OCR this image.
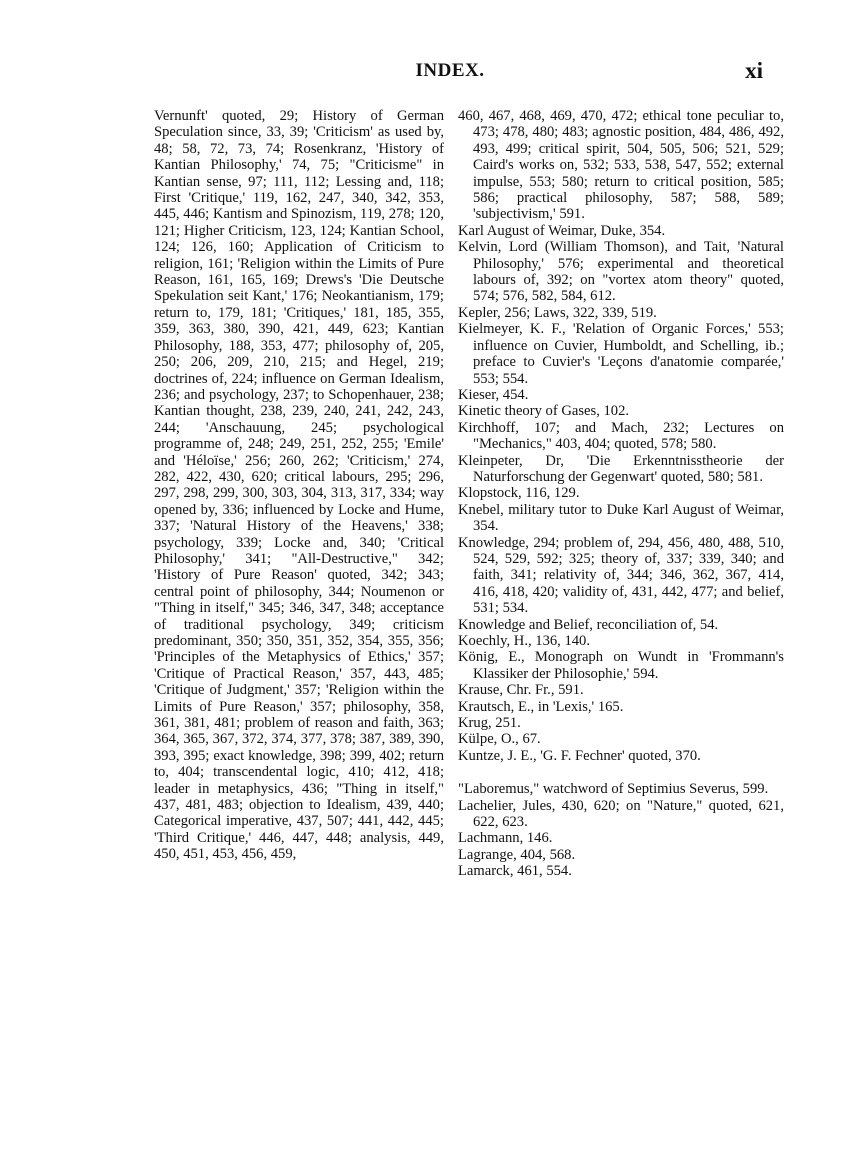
INDEX.	xi

Vernunft' quoted, 29; History of German Speculation since, 33, 39; 'Criticism' as used by, 48; 58, 72, 73, 74; Rosenkranz, 'History of Kantian Philosophy,' 74, 75; "Criticisme" in Kantian sense, 97; 111, 112; Lessing and, 118; First 'Critique,' 119, 162, 247, 340, 342, 353, 445, 446; Kantism and Spinozism, 119, 278; 120, 121; Higher Criticism, 123, 124; Kantian School, 124; 126, 160; Application of Criticism to religion, 161; 'Religion within the Limits of Pure Reason, 161, 165, 169; Drews's 'Die Deutsche Spekulation seit Kant,' 176; Neokantianism, 179; return to, 179, 181; 'Critiques,' 181, 185, 355, 359, 363, 380, 390, 421, 449, 623; Kantian Philosophy, 188, 353, 477; philosophy of, 205, 250; 206, 209, 210, 215; and Hegel, 219; doctrines of, 224; influence on German Idealism, 236; and psychology, 237; to Schopenhauer, 238; Kantian thought, 238, 239, 240, 241, 242, 243, 244; 'Anschauung, 245; psychological programme of, 248; 249, 251, 252, 255; 'Emile' and 'Héloïse,' 256; 260, 262; 'Criticism,' 274, 282, 422, 430, 620; critical labours, 295; 296, 297, 298, 299, 300, 303, 304, 313, 317, 334; way opened by, 336; influenced by Locke and Hume, 337; 'Natural History of the Heavens,' 338; psychology, 339; Locke and, 340; 'Critical Philosophy,' 341; "All-Destructive," 342; 'History of Pure Reason' quoted, 342; 343; central point of philosophy, 344; Noumenon or "Thing in itself," 345; 346, 347, 348; acceptance of traditional psychology, 349; criticism predominant, 350; 350, 351, 352, 354, 355, 356; 'Principles of the Metaphysics of Ethics,' 357; 'Critique of Practical Reason,' 357, 443, 485; 'Critique of Judgment,' 357; 'Religion within the Limits of Pure Reason,' 357; philosophy, 358, 361, 381, 481; problem of reason and faith, 363; 364, 365, 367, 372, 374, 377, 378; 387, 389, 390, 393, 395; exact knowledge, 398; 399, 402; return to, 404; transcendental logic, 410; 412, 418; leader in metaphysics, 436; "Thing in itself," 437, 481, 483; objection to Idealism, 439, 440; Categorical imperative, 437, 507; 441, 442, 445; 'Third Critique,' 446, 447, 448; analysis, 449, 450, 451, 453, 456, 459,

460, 467, 468, 469, 470, 472; ethical tone peculiar to, 473; 478, 480; 483; agnostic position, 484, 486, 492, 493, 499; critical spirit, 504, 505, 506; 521, 529; Caird's works on, 532; 533, 538, 547, 552; external impulse, 553; 580; return to critical position, 585; 586; practical philosophy, 587; 588, 589; 'subjectivism,' 591.

Karl August of Weimar, Duke, 354.

Kelvin, Lord (William Thomson), and Tait, 'Natural Philosophy,' 576; experimental and theoretical labours of, 392; on "vortex atom theory" quoted, 574; 576, 582, 584, 612.

Kepler, 256; Laws, 322, 339, 519.

Kielmeyer, K. F., 'Relation of Organic Forces,' 553; influence on Cuvier, Humboldt, and Schelling, ib.; preface to Cuvier's 'Leçons d'anatomie comparée,' 553; 554.

Kieser, 454.

Kinetic theory of Gases, 102.

Kirchhoff, 107; and Mach, 232; Lectures on "Mechanics," 403, 404; quoted, 578; 580.

Kleinpeter, Dr, 'Die Erkenntnisstheorie der Naturforschung der Gegenwart' quoted, 580; 581.

Klopstock, 116, 129.

Knebel, military tutor to Duke Karl August of Weimar, 354.

Knowledge, 294; problem of, 294, 456, 480, 488, 510, 524, 529, 592; 325; theory of, 337; 339, 340; and faith, 341; relativity of, 344; 346, 362, 367, 414, 416, 418, 420; validity of, 431, 442, 477; and belief, 531; 534.

Knowledge and Belief, reconciliation of, 54.

Koechly, H., 136, 140.

König, E., Monograph on Wundt in 'Frommann's Klassiker der Philosophie,' 594.

Krause, Chr. Fr., 591.

Krautsch, E., in 'Lexis,' 165.

Krug, 251.

Külpe, O., 67.

Kuntze, J. E., 'G. F. Fechner' quoted, 370.

"Laboremus," watchword of Septimius Severus, 599.

Lachelier, Jules, 430, 620; on "Nature," quoted, 621, 622, 623.

Lachmann, 146.

Lagrange, 404, 568.

Lamarck, 461, 554.
